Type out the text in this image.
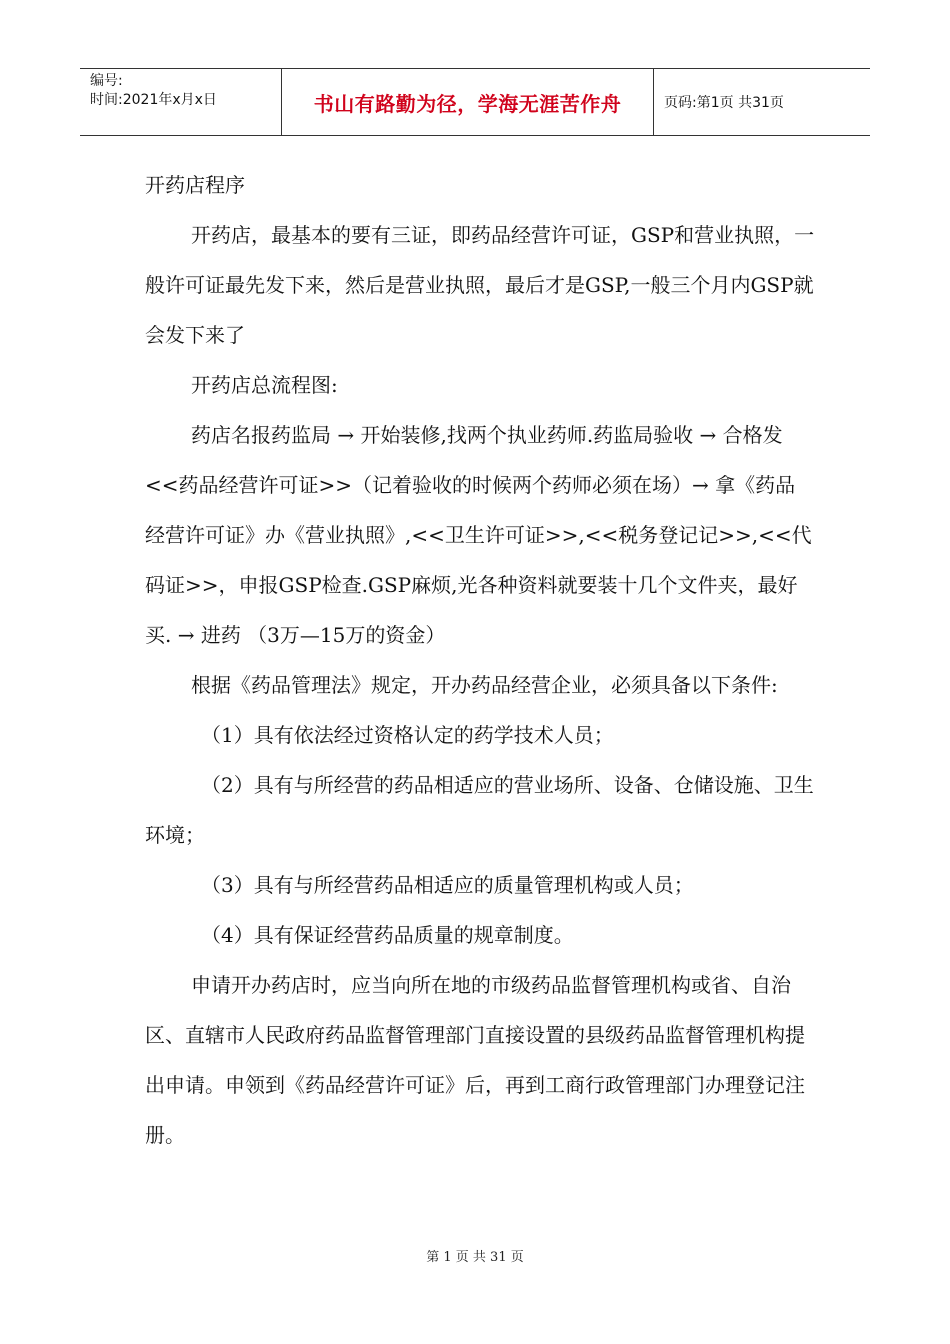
编号:
时间:2021年x月x日	书山有路勤为径，学海无涯苦作舟	页码:第1页 共31页

开药店程序

开药店，最基本的要有三证，即药品经营许可证，GSP和营业执照，一般许可证最先发下来，然后是营业执照，最后才是GSP,一般三个月内GSP就会发下来了

开药店总流程图:

药店名报药监局 → 开始装修,找两个执业药师.药监局验收 → 合格发<<药品经营许可证>>（记着验收的时候两个药师必须在场）→ 拿《药品经营许可证》办《营业执照》,<<卫生许可证>>,<<税务登记记>>,<<代码证>>，申报GSP检查.GSP麻烦,光各种资料就要装十几个文件夹，最好买. → 进药 （3万—15万的资金）

根据《药品管理法》规定，开办药品经营企业，必须具备以下条件:

（1）具有依法经过资格认定的药学技术人员；

（2）具有与所经营的药品相适应的营业场所、设备、仓储设施、卫生环境；

（3）具有与所经营药品相适应的质量管理机构或人员；

（4）具有保证经营药品质量的规章制度。

申请开办药店时，应当向所在地的市级药品监督管理机构或省、自治区、直辖市人民政府药品监督管理部门直接设置的县级药品监督管理机构提出申请。申领到《药品经营许可证》后，再到工商行政管理部门办理登记注册。

第 1 页 共 31 页
